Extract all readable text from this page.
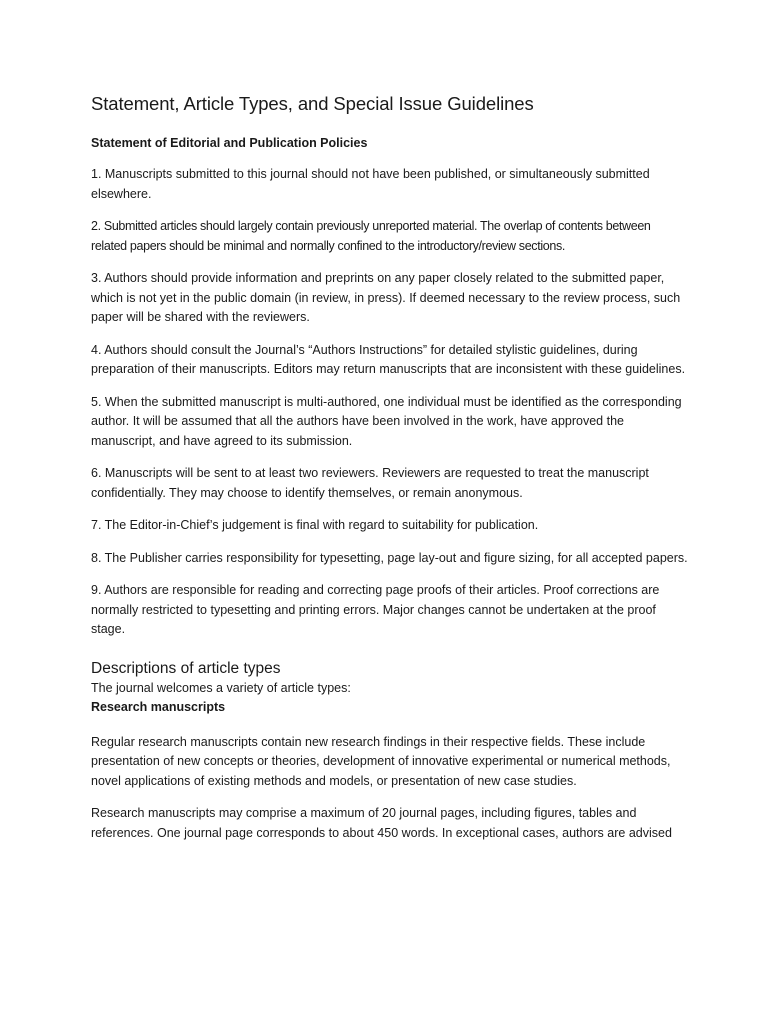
Statement, Article Types, and Special Issue Guidelines
Statement of Editorial and Publication Policies

1. Manuscripts submitted to this journal should not have been published, or simultaneously submitted elsewhere.

2. Submitted articles should largely contain previously unreported material. The overlap of contents between related papers should be minimal and normally confined to the introductory/review sections.

3. Authors should provide information and preprints on any paper closely related to the submitted paper, which is not yet in the public domain (in review, in press). If deemed necessary to the review process, such paper will be shared with the reviewers.

4. Authors should consult the Journal’s “Authors Instructions” for detailed stylistic guidelines, during preparation of their manuscripts. Editors may return manuscripts that are inconsistent with these guidelines.

5. When the submitted manuscript is multi-authored, one individual must be identified as the corresponding author. It will be assumed that all the authors have been involved in the work, have approved the manuscript, and have agreed to its submission.

6. Manuscripts will be sent to at least two reviewers. Reviewers are requested to treat the manuscript confidentially. They may choose to identify themselves, or remain anonymous.

7. The Editor-in-Chief’s judgement is final with regard to suitability for publication.

8. The Publisher carries responsibility for typesetting, page lay-out and figure sizing, for all accepted papers.

9. Authors are responsible for reading and correcting page proofs of their articles. Proof corrections are normally restricted to typesetting and printing errors. Major changes cannot be undertaken at the proof stage.

Descriptions of article types

The journal welcomes a variety of article types:

Research manuscripts

Regular research manuscripts contain new research findings in their respective fields. These include presentation of new concepts or theories, development of innovative experimental or numerical methods, novel applications of existing methods and models, or presentation of new case studies.

Research manuscripts may comprise a maximum of 20 journal pages, including figures, tables and references. One journal page corresponds to about 450 words. In exceptional cases, authors are advised
